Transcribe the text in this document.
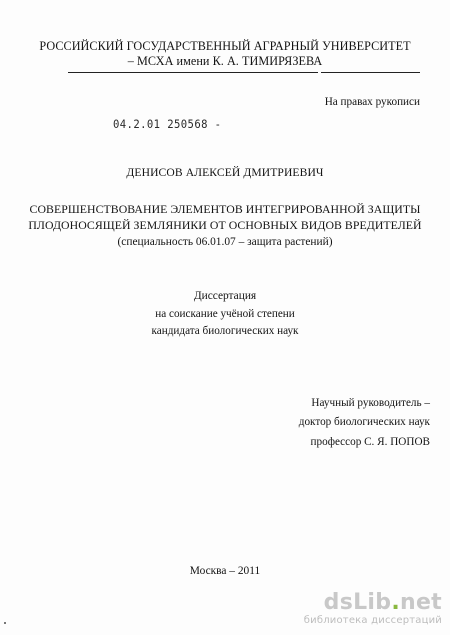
РОССИЙСКИЙ ГОСУДАРСТВЕННЫЙ АГРАРНЫЙ УНИВЕРСИТЕТ
– МСХА имени К. А. ТИМИРЯЗЕВА
На правах рукописи
04.2.01 250568 ‑
ДЕНИСОВ АЛЕКСЕЙ ДМИТРИЕВИЧ
СОВЕРШЕНСТВОВАНИЕ ЭЛЕМЕНТОВ ИНТЕГРИРОВАННОЙ ЗАЩИТЫ
ПЛОДОНОСЯЩЕЙ ЗЕМЛЯНИКИ ОТ ОСНОВНЫХ ВИДОВ ВРЕДИТЕЛЕЙ
(специальность 06.01.07 – защита растений)
Диссертация
на соискание учёной степени
кандидата биологических наук
Научный руководитель –
доктор биологических наук
профессор С. Я. ПОПОВ
Москва – 2011
dsLib.net
библиотека диссертаций
